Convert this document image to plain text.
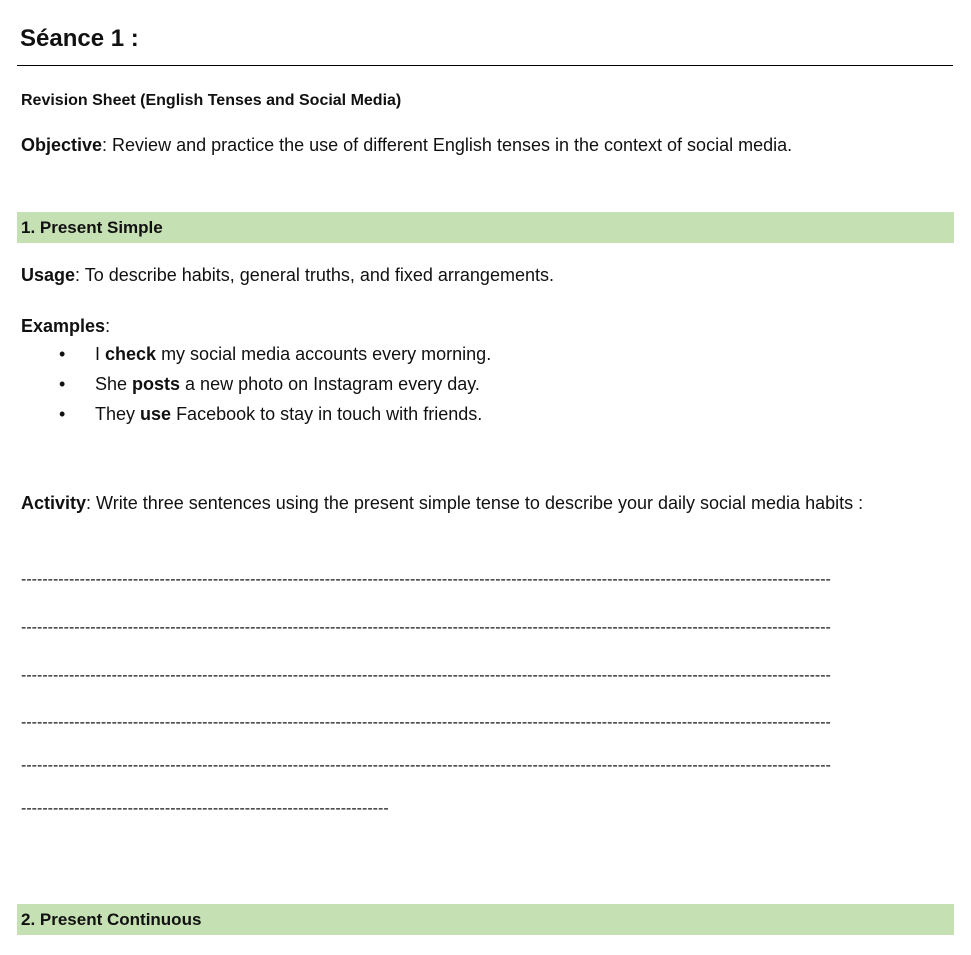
Séance 1 :

Revision Sheet (English Tenses and Social Media)

Objective: Review and practice the use of different English tenses in the context of social media.

1. Present Simple

Usage: To describe habits, general truths, and fixed arrangements.

Examples:

• I check my social media accounts every morning.
• She posts a new photo on Instagram every day.
• They use Facebook to stay in touch with friends.

Activity: Write three sentences using the present simple tense to describe your daily social media habits :

--------------------------------------------------------------------------------------------------------------------------------------------------------
--------------------------------------------------------------------------------------------------------------------------------------------------------
--------------------------------------------------------------------------------------------------------------------------------------------------------
--------------------------------------------------------------------------------------------------------------------------------------------------------
--------------------------------------------------------------------------------------------------------------------------------------------------------
---------------------------------------------------------------------

2. Present Continuous
